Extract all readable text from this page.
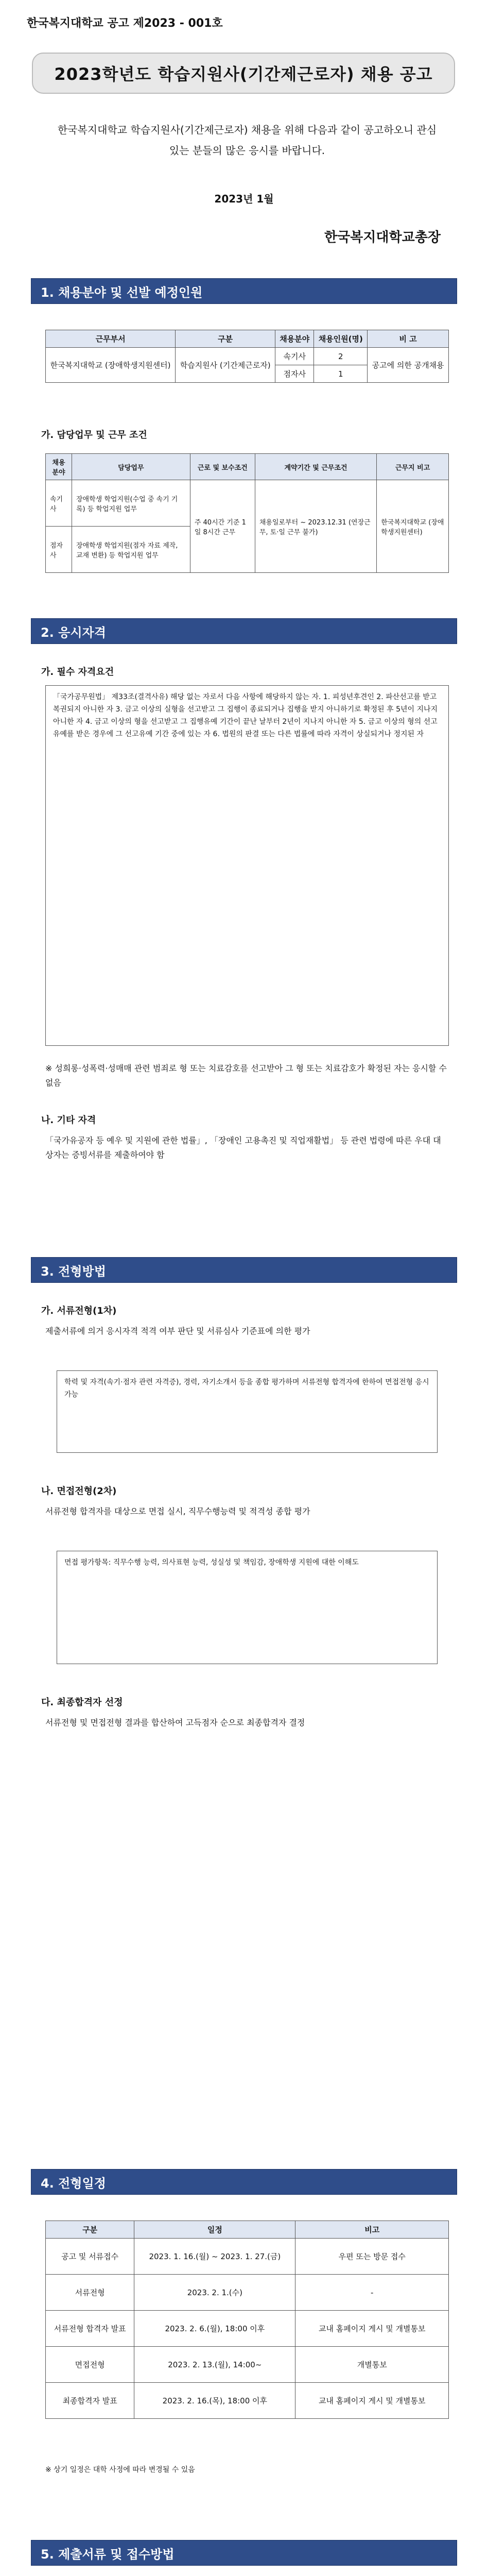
한국복지대학교 공고 제2023 - 001호
2023학년도 학습지원사(기간제근로자) 채용 공고
한국복지대학교 학습지원사(기간제근로자) 채용을 위해 다음과 같이 공고하오니 관심 있는 분들의 많은 응시를 바랍니다.
2023년 1월
한국복지대학교총장
1. 채용분야 및 선발 예정인원
근무부서	구분	채용분야	채용인원(명)	비 고
한국복지대학교 (장애학생지원센터)	학습지원사 (기간제근로자)	속기사	2	공고에 의한 공개채용
		점자사	1	
가. 담당업무 및 근무 조건
채용분야	담당업무	근로 및 보수조건	계약기간 및 근무조건	근무지 비고
속기사	장애학생 학업지원(수업 중 속기 기록) 등 학업지원 업무	주 40시간 기준 1일 8시간 근무	채용일로부터 ~ 2023.12.31 (연장근무, 토·일 근무 불가)	한국복지대학교 (장애학생지원센터)
점자사	장애학생 학업지원(점자 자료 제작, 교재 변환) 등 학업지원 업무			
2. 응시자격
가. 필수 자격요건
「국가공무원법」 제33조(결격사유) 해당 없는 자로서 다음 사항에 해당하지 않는 자. 1. 피성년후견인 2. 파산선고를 받고 복권되지 아니한 자 3. 금고 이상의 실형을 선고받고 그 집행이 종료되거나 집행을 받지 아니하기로 확정된 후 5년이 지나지 아니한 자 4. 금고 이상의 형을 선고받고 그 집행유예 기간이 끝난 날부터 2년이 지나지 아니한 자 5. 금고 이상의 형의 선고유예를 받은 경우에 그 선고유예 기간 중에 있는 자 6. 법원의 판결 또는 다른 법률에 따라 자격이 상실되거나 정지된 자
※ 성희롱·성폭력·성매매 관련 범죄로 형 또는 치료감호를 선고받아 그 형 또는 치료감호가 확정된 자는 응시할 수 없음
나. 기타 자격
「국가유공자 등 예우 및 지원에 관한 법률」, 「장애인 고용촉진 및 직업재활법」 등 관련 법령에 따른 우대 대상자는 증빙서류를 제출하여야 함
3. 전형방법
가. 서류전형(1차)
제출서류에 의거 응시자격 적격 여부 판단 및 서류심사 기준표에 의한 평가
학력 및 자격(속기·점자 관련 자격증), 경력, 자기소개서 등을 종합 평가하며 서류전형 합격자에 한하여 면접전형 응시 가능
나. 면접전형(2차)
서류전형 합격자를 대상으로 면접 실시, 직무수행능력 및 적격성 종합 평가
면접 평가항목: 직무수행 능력, 의사표현 능력, 성실성 및 책임감, 장애학생 지원에 대한 이해도
다. 최종합격자 선정
서류전형 및 면접전형 결과를 합산하여 고득점자 순으로 최종합격자 결정
4. 전형일정
구분	일정	비고
공고 및 서류접수	2023. 1. 16.(월) ~ 2023. 1. 27.(금)	우편 또는 방문 접수
서류전형	2023. 2. 1.(수)	-
서류전형 합격자 발표	2023. 2. 6.(월), 18:00 이후	교내 홈페이지 게시 및 개별통보
면접전형	2023. 2. 13.(월), 14:00~	개별통보
최종합격자 발표	2023. 2. 16.(목), 18:00 이후	교내 홈페이지 게시 및 개별통보
※ 상기 일정은 대학 사정에 따라 변경될 수 있음
5. 제출서류 및 접수방법
